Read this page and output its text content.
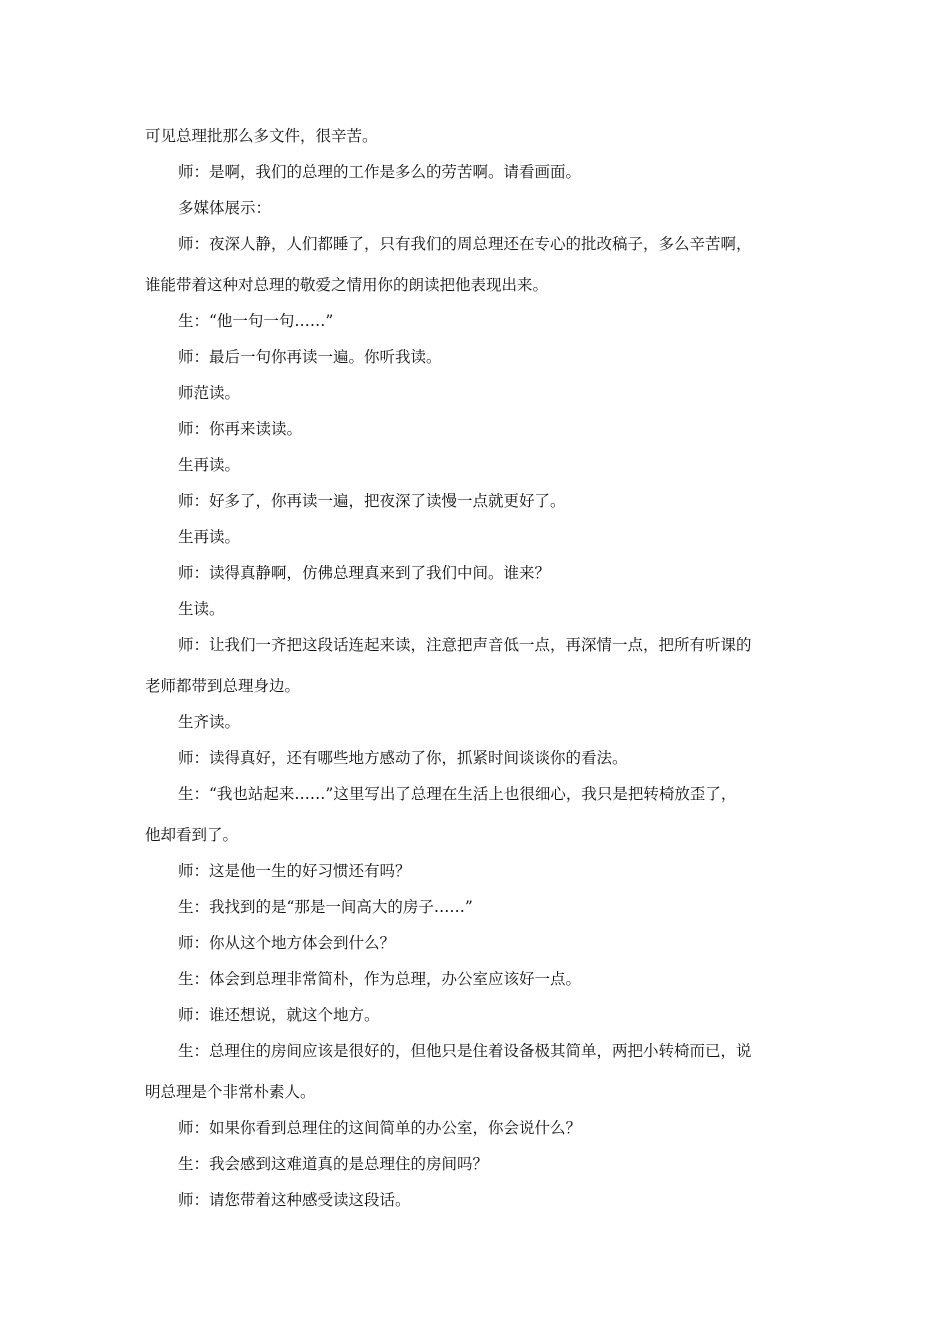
可见总理批那么多文件，很辛苦。
师：是啊，我们的总理的工作是多么的劳苦啊。请看画面。
多媒体展示：
师：夜深人静，人们都睡了，只有我们的周总理还在专心的批改稿子，多么辛苦啊，
谁能带着这种对总理的敬爱之情用你的朗读把他表现出来。
生：“他一句一句……”
师：最后一句你再读一遍。你听我读。
师范读。
师：你再来读读。
生再读。
师：好多了，你再读一遍，把夜深了读慢一点就更好了。
生再读。
师：读得真静啊，仿佛总理真来到了我们中间。谁来？
生读。
师：让我们一齐把这段话连起来读，注意把声音低一点，再深情一点，把所有听课的
老师都带到总理身边。
生齐读。
师：读得真好，还有哪些地方感动了你，抓紧时间谈谈你的看法。
生：“我也站起来……”这里写出了总理在生活上也很细心，我只是把转椅放歪了，
他却看到了。
师：这是他一生的好习惯还有吗？
生：我找到的是“那是一间高大的房子……”
师：你从这个地方体会到什么？
生：体会到总理非常简朴，作为总理，办公室应该好一点。
师：谁还想说，就这个地方。
生：总理住的房间应该是很好的，但他只是住着设备极其简单，两把小转椅而已，说
明总理是个非常朴素人。
师：如果你看到总理住的这间简单的办公室，你会说什么？
生：我会感到这难道真的是总理住的房间吗？
师：请您带着这种感受读这段话。
